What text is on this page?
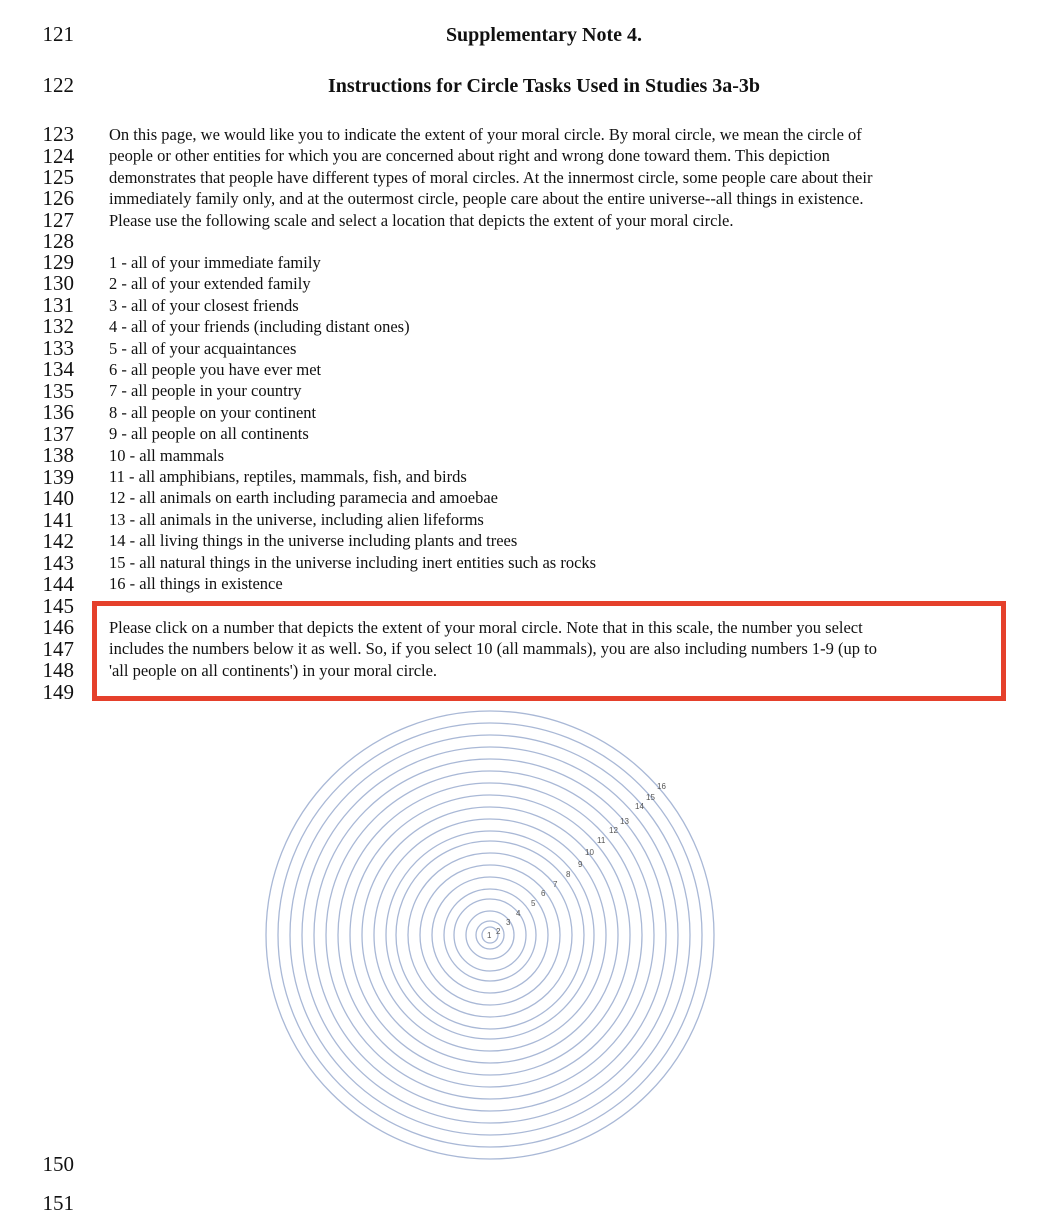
121
122
123
124
125
126
127
128
129
130
131
132
133
134
135
136
137
138
139
140
141
142
143
144
145
146
147
148
149
150
151
Supplementary Note 4.
Instructions for Circle Tasks Used in Studies 3a-3b
On this page, we would like you to indicate the extent of your moral circle. By moral circle, we mean the circle of
people or other entities for which you are concerned about right and wrong done toward them. This depiction
demonstrates that people have different types of moral circles. At the innermost circle, some people care about their
immediately family only, and at the outermost circle, people care about the entire universe--all things in existence.
Please use the following scale and select a location that depicts the extent of your moral circle.
1 - all of your immediate family
2 - all of your extended family
3 - all of your closest friends
4 - all of your friends (including distant ones)
5 - all of your acquaintances
6 - all people you have ever met
7 - all people in your country
8 - all people on your continent
9 - all people on all continents
10 - all mammals
11 - all amphibians, reptiles, mammals, fish, and birds
12 - all animals on earth including paramecia and amoebae
13 - all animals in the universe, including alien lifeforms
14 - all living things in the universe including plants and trees
15 - all natural things in the universe including inert entities such as rocks
16 - all things in existence
Please click on a number that depicts the extent of your moral circle. Note that in this scale, the number you select
includes the numbers below it as well. So, if you select 10 (all mammals), you are also including numbers 1-9 (up to
'all people on all continents') in your moral circle.
1 2
3
4
5
6
7
8
9
10
11
12
13
14
15
16
